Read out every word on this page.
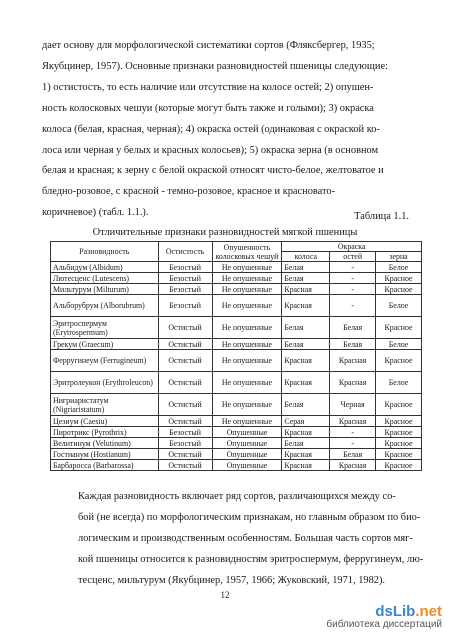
дает основу для морфологической систематики сортов (Фляксбергер, 1935;
Якубцинер, 1957). Основные признаки разновидностей пшеницы следующие:
1) остистость, то есть наличие или отсутствие на колосе остей; 2) опушен-
ность колосковых чешуи (которые могут быть также и голыми); 3) окраска
колоса (белая, красная, черная); 4) окраска остей (одинаковая с окраской ко-
лоса или черная у белых и красных колосьев); 5) окраска зерна (в основном
белая и красная; к зерну с белой окраской относят чисто-белое, желтоватое и
бледно-розовое, с красной - темно-розовое, красное и красновато-
коричневое) (табл. 1.1.).	Таблица 1.1.
Отличительные признаки разновидностей мягкой пшеницы
Разновидность	Остистость	Опушенность колосковых чешуй	Окраска		
			колоса	остей	зерна
Альбидум (Albidum)	Безостый	Не опушенные	Белая	-	Белое
Лютесценс (Lutescens)	Безостый	Не опушенные	Белая	-	Красное
Мильтурум (Milturum)	Безостый	Не опушенные	Красная	-	Красное
Альборубрум (Alborubrum)	Безостый	Не опушенные	Красная	-	Белое
Эритроспермум (Erytrospermum)	Остистый	Не опушенные	Белая	Белая	Красное
Грекум (Graecum)	Остистый	Не опушенные	Белая	Белая	Белое
Ферругинеум (Ferrugineum)	Остистый	Не опушенные	Красная	Красная	Красное
Эритролеукон (Erythroleucon)	Остистый	Не опушенные	Красная	Красная	Белое
Нигриаристатум (Nigriaristatum)	Остистый	Не опушенные	Белая	Черная	Красное
Цезиум (Caesiu)	Остистый	Не опушенные	Серая	Красная	Красное
Пиротрикс (Pyrothrix)	Безостый	Опушенные	Красная	-	Красное
Велитинум (Velutinum)	Безостый	Опушенные	Белая	-	Красное
Гостианум (Hostianum)	Остистый	Опушенные	Красная	Белая	Красное
Барбаросса (Barbarossa)	Остистый	Опушенные	Красная	Красная	Красное
Каждая разновидность включает ряд сортов, различающихся между со-
бой (не всегда) по морфологическим признакам, но главным образом по био-
логическим и производственным особенностям. Большая часть сортов мяг-
кой пшеницы относится к разновидностям эритроспермум, ферругинеум, лю-
тесценс, мильтурум (Якубцинер, 1957, 1966; Жуковский, 1971, 1982).
12
dsLib.net
библиотека диссертаций
